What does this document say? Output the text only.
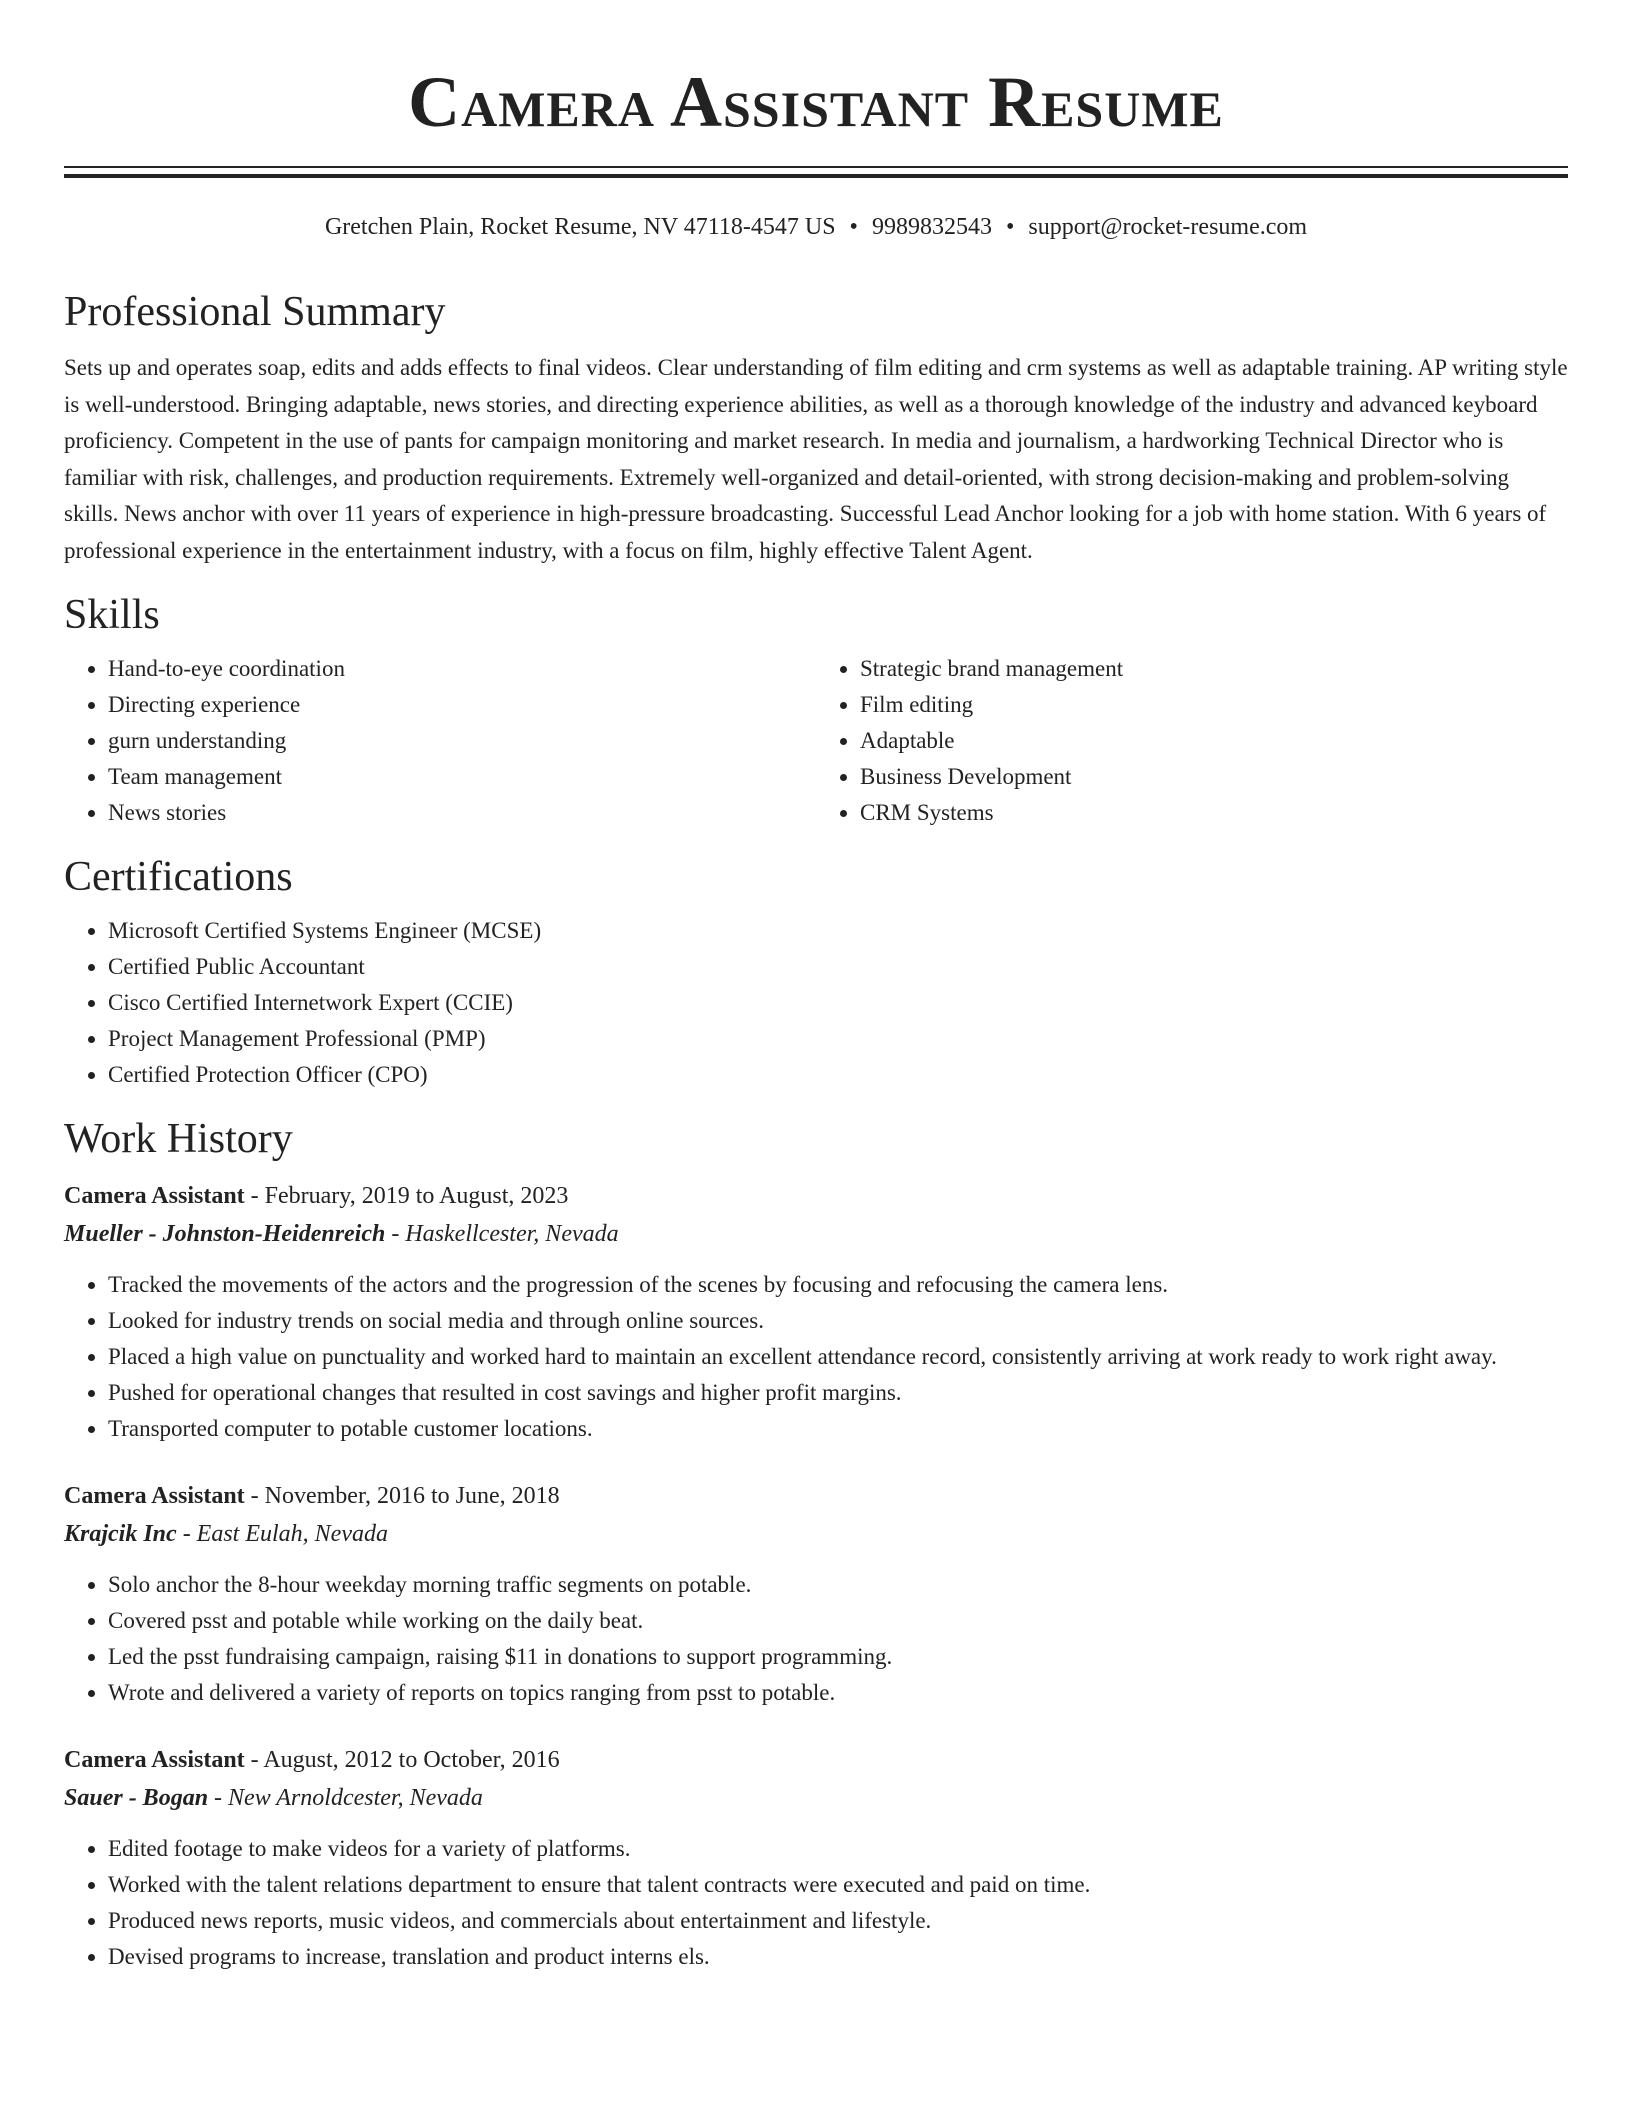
Camera Assistant Resume
Gretchen Plain, Rocket Resume, NV 47118-4547 US • 9989832543 • support@rocket-resume.com
Professional Summary

Sets up and operates soap, edits and adds effects to final videos. Clear understanding of film editing and crm systems as well as adaptable training. AP writing style is well-understood. Bringing adaptable, news stories, and directing experience abilities, as well as a thorough knowledge of the industry and advanced keyboard proficiency. Competent in the use of pants for campaign monitoring and market research. In media and journalism, a hardworking Technical Director who is familiar with risk, challenges, and production requirements. Extremely well-organized and detail-oriented, with strong decision-making and problem-solving skills. News anchor with over 11 years of experience in high-pressure broadcasting. Successful Lead Anchor looking for a job with home station. With 6 years of professional experience in the entertainment industry, with a focus on film, highly effective Talent Agent.

Skills
• Hand-to-eye coordination
• Directing experience
• gurn understanding
• Team management
• News stories
• Strategic brand management
• Film editing
• Adaptable
• Business Development
• CRM Systems
Certifications
• Microsoft Certified Systems Engineer (MCSE)
• Certified Public Accountant
• Cisco Certified Internetwork Expert (CCIE)
• Project Management Professional (PMP)
• Certified Protection Officer (CPO)
Work History

Camera Assistant - February, 2019 to August, 2023

Mueller - Johnston-Heidenreich - Haskellcester, Nevada

• Tracked the movements of the actors and the progression of the scenes by focusing and refocusing the camera lens.
• Looked for industry trends on social media and through online sources.
• Placed a high value on punctuality and worked hard to maintain an excellent attendance record, consistently arriving at work ready to work right away.
• Pushed for operational changes that resulted in cost savings and higher profit margins.
• Transported computer to potable customer locations.

Camera Assistant - November, 2016 to June, 2018

Krajcik Inc - East Eulah, Nevada

• Solo anchor the 8-hour weekday morning traffic segments on potable.
• Covered psst and potable while working on the daily beat.
• Led the psst fundraising campaign, raising $11 in donations to support programming.
• Wrote and delivered a variety of reports on topics ranging from psst to potable.

Camera Assistant - August, 2012 to October, 2016

Sauer - Bogan - New Arnoldcester, Nevada

• Edited footage to make videos for a variety of platforms.
• Worked with the talent relations department to ensure that talent contracts were executed and paid on time.
• Produced news reports, music videos, and commercials about entertainment and lifestyle.
• Devised programs to increase, translation and product interns els.
